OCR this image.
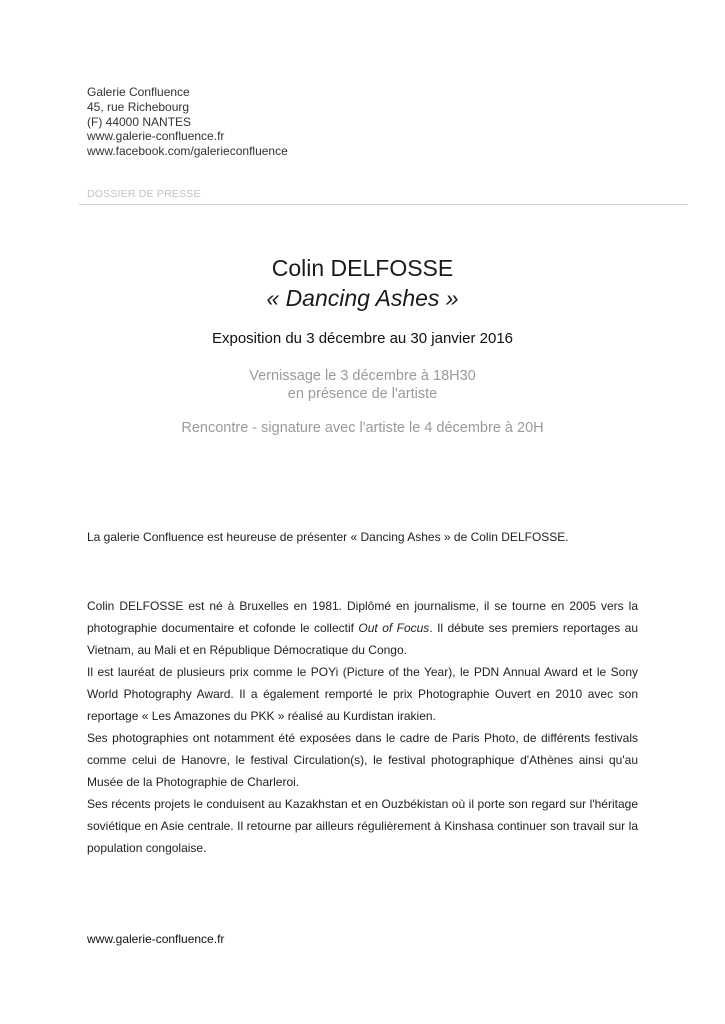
Galerie Confluence
45, rue Richebourg
(F) 44000 NANTES
www.galerie-confluence.fr
www.facebook.com/galerieconfluence
DOSSIER DE PRESSE
Colin DELFOSSE
« Dancing Ashes »
Exposition du 3 décembre au 30 janvier 2016
Vernissage le 3 décembre à 18H30
en présence de l'artiste
Rencontre - signature avec l'artiste le 4 décembre à 20H
La galerie Confluence est heureuse de présenter « Dancing Ashes » de Colin DELFOSSE.

Colin DELFOSSE est né à Bruxelles en 1981. Diplômé en journalisme, il se tourne en 2005 vers la photographie documentaire et cofonde le collectif Out of Focus. Il débute ses premiers reportages au Vietnam, au Mali et en République Démocratique du Congo.

Il est lauréat de plusieurs prix comme le POYi (Picture of the Year), le PDN Annual Award et le Sony World Photography Award. Il a également remporté le prix Photographie Ouvert en 2010 avec son reportage « Les Amazones du PKK » réalisé au Kurdistan irakien.

Ses photographies ont notamment été exposées dans le cadre de Paris Photo, de différents festivals comme celui de Hanovre, le festival Circulation(s), le festival photographique d'Athènes ainsi qu'au Musée de la Photographie de Charleroi.

Ses récents projets le conduisent au Kazakhstan et en Ouzbékistan où il porte son regard sur l'héritage soviétique en Asie centrale. Il retourne par ailleurs régulièrement à Kinshasa continuer son travail sur la population congolaise.

www.galerie-confluence.fr
